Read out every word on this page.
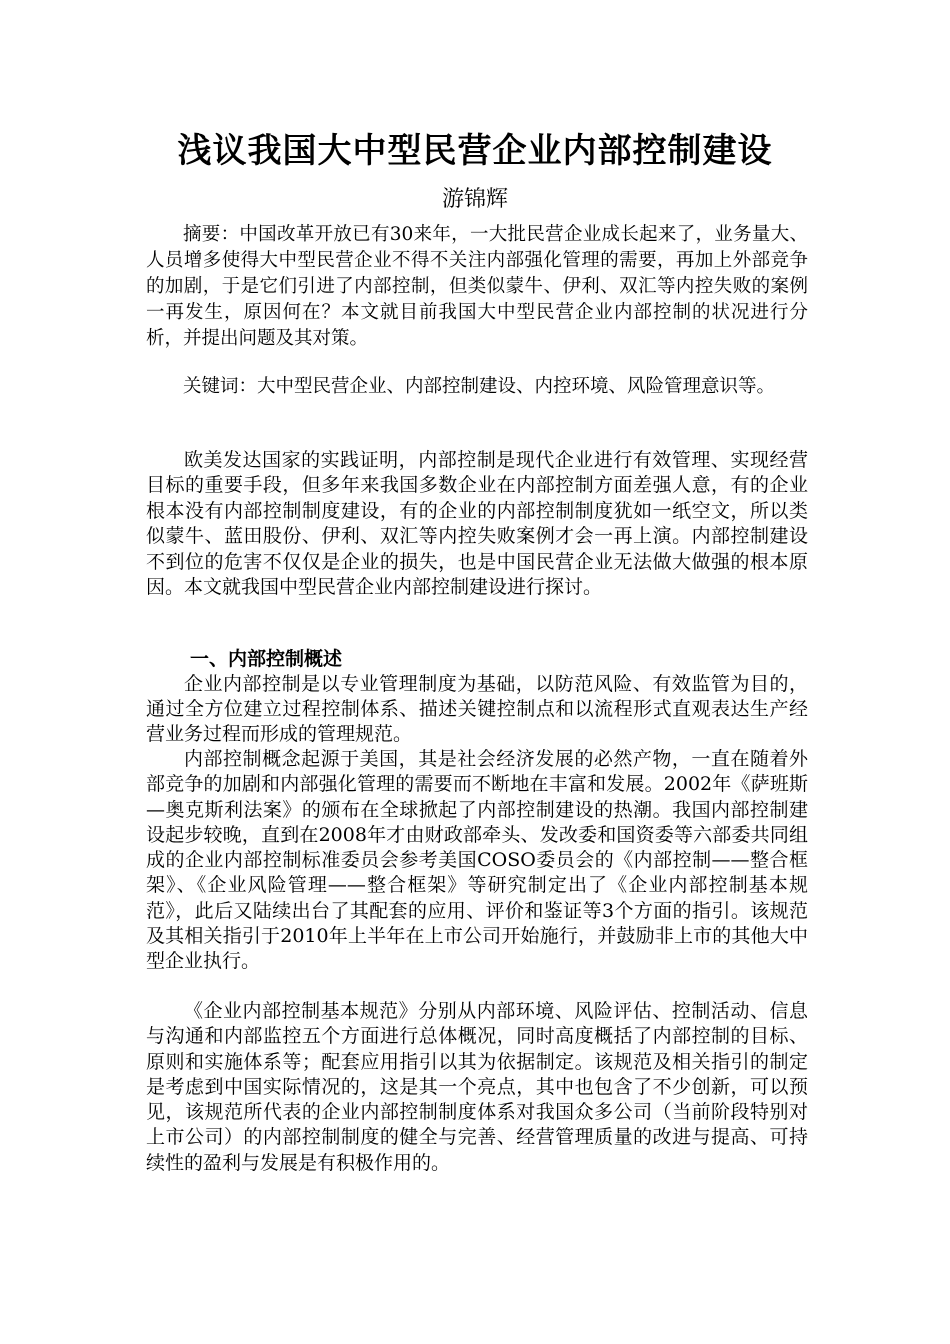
浅议我国大中型民营企业内部控制建设
游锦辉
摘要：中国改革开放已有30来年，一大批民营企业成长起来了，业务量大、人员增多使得大中型民营企业不得不关注内部强化管理的需要，再加上外部竞争的加剧，于是它们引进了内部控制，但类似蒙牛、伊利、双汇等内控失败的案例一再发生，原因何在？本文就目前我国大中型民营企业内部控制的状况进行分析，并提出问题及其对策。
关键词：大中型民营企业、内部控制建设、内控环境、风险管理意识等。
欧美发达国家的实践证明，内部控制是现代企业进行有效管理、实现经营目标的重要手段，但多年来我国多数企业在内部控制方面差强人意，有的企业根本没有内部控制制度建设，有的企业的内部控制制度犹如一纸空文，所以类似蒙牛、蓝田股份、伊利、双汇等内控失败案例才会一再上演。内部控制建设不到位的危害不仅仅是企业的损失，也是中国民营企业无法做大做强的根本原因。本文就我国中型民营企业内部控制建设进行探讨。
一、内部控制概述
企业内部控制是以专业管理制度为基础，以防范风险、有效监管为目的，通过全方位建立过程控制体系、描述关键控制点和以流程形式直观表达生产经营业务过程而形成的管理规范。
内部控制概念起源于美国，其是社会经济发展的必然产物，一直在随着外部竞争的加剧和内部强化管理的需要而不断地在丰富和发展。2002年《萨班斯—奥克斯利法案》的颁布在全球掀起了内部控制建设的热潮。我国内部控制建设起步较晚，直到在2008年才由财政部牵头、发改委和国资委等六部委共同组成的企业内部控制标准委员会参考美国COSO委员会的《内部控制——整合框架》、《企业风险管理——整合框架》等研究制定出了《企业内部控制基本规范》，此后又陆续出台了其配套的应用、评价和鉴证等3个方面的指引。该规范及其相关指引于2010年上半年在上市公司开始施行，并鼓励非上市的其他大中型企业执行。
《企业内部控制基本规范》分别从内部环境、风险评估、控制活动、信息与沟通和内部监控五个方面进行总体概况，同时高度概括了内部控制的目标、原则和实施体系等；配套应用指引以其为依据制定。该规范及相关指引的制定是考虑到中国实际情况的，这是其一个亮点，其中也包含了不少创新，可以预见，该规范所代表的企业内部控制制度体系对我国众多公司（当前阶段特别对上市公司）的内部控制制度的健全与完善、经营管理质量的改进与提高、可持续性的盈利与发展是有积极作用的。
